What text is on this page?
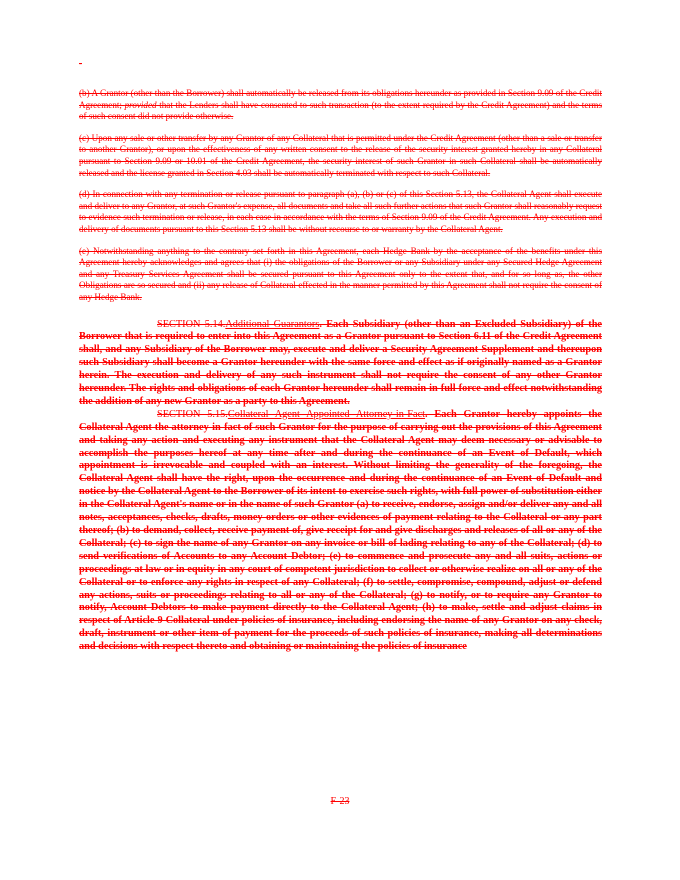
-

(b) A Grantor (other than the Borrower) shall automatically be released from its obligations hereunder as provided in Section 9.09 of the Credit Agreement; provided that the Lenders shall have consented to such transaction (to the extent required by the Credit Agreement) and the terms of such consent did not provide otherwise.

(c) Upon any sale or other transfer by any Grantor of any Collateral that is permitted under the Credit Agreement (other than a sale or transfer to another Grantor), or upon the effectiveness of any written consent to the release of the security interest granted hereby in any Collateral pursuant to Section 9.09 or 10.01 of the Credit Agreement, the security interest of such Grantor in such Collateral shall be automatically released and the license granted in Section 4.03 shall be automatically terminated with respect to such Collateral.

(d) In connection with any termination or release pursuant to paragraph (a), (b) or (c) of this Section 5.13, the Collateral Agent shall execute and deliver to any Grantor, at such Grantor's expense, all documents and take all such further actions that such Grantor shall reasonably request to evidence such termination or release, in each case in accordance with the terms of Section 9.09 of the Credit Agreement. Any execution and delivery of documents pursuant to this Section 5.13 shall be without recourse to or warranty by the Collateral Agent.

(e) Notwithstanding anything to the contrary set forth in this Agreement, each Hedge Bank by the acceptance of the benefits under this Agreement hereby acknowledges and agrees that (i) the obligations of the Borrower or any Subsidiary under any Secured Hedge Agreement and any Treasury Services Agreement shall be secured pursuant to this Agreement only to the extent that, and for so long as, the other Obligations are so secured and (ii) any release of Collateral effected in the manner permitted by this Agreement shall not require the consent of any Hedge Bank.

SECTION 5.14.Additional Guarantors. Each Subsidiary (other than an Excluded Subsidiary) of the Borrower that is required to enter into this Agreement as a Grantor pursuant to Section 6.11 of the Credit Agreement shall, and any Subsidiary of the Borrower may, execute and deliver a Security Agreement Supplement and thereupon such Subsidiary shall become a Grantor hereunder with the same force and effect as if originally named as a Grantor herein. The execution and delivery of any such instrument shall not require the consent of any other Grantor hereunder. The rights and obligations of each Grantor hereunder shall remain in full force and effect notwithstanding the addition of any new Grantor as a party to this Agreement.

SECTION 5.15.Collateral Agent Appointed Attorney-in-Fact. Each Grantor hereby appoints the Collateral Agent the attorney-in-fact of such Grantor for the purpose of carrying out the provisions of this Agreement and taking any action and executing any instrument that the Collateral Agent may deem necessary or advisable to accomplish the purposes hereof at any time after and during the continuance of an Event of Default, which appointment is irrevocable and coupled with an interest. Without limiting the generality of the foregoing, the Collateral Agent shall have the right, upon the occurrence and during the continuance of an Event of Default and notice by the Collateral Agent to the Borrower of its intent to exercise such rights, with full power of substitution either in the Collateral Agent's name or in the name of such Grantor (a) to receive, endorse, assign and/or deliver any and all notes, acceptances, checks, drafts, money orders or other evidences of payment relating to the Collateral or any part thereof; (b) to demand, collect, receive payment of, give receipt for and give discharges and releases of all or any of the Collateral; (c) to sign the name of any Grantor on any invoice or bill of lading relating to any of the Collateral; (d) to send verifications of Accounts to any Account Debtor; (e) to commence and prosecute any and all suits, actions or proceedings at law or in equity in any court of competent jurisdiction to collect or otherwise realize on all or any of the Collateral or to enforce any rights in respect of any Collateral; (f) to settle, compromise, compound, adjust or defend any actions, suits or proceedings relating to all or any of the Collateral; (g) to notify, or to require any Grantor to notify, Account Debtors to make payment directly to the Collateral Agent; (h) to make, settle and adjust claims in respect of Article 9 Collateral under policies of insurance, including endorsing the name of any Grantor on any check, draft, instrument or other item of payment for the proceeds of such policies of insurance, making all determinations and decisions with respect thereto and obtaining or maintaining the policies of insurance

F-23
